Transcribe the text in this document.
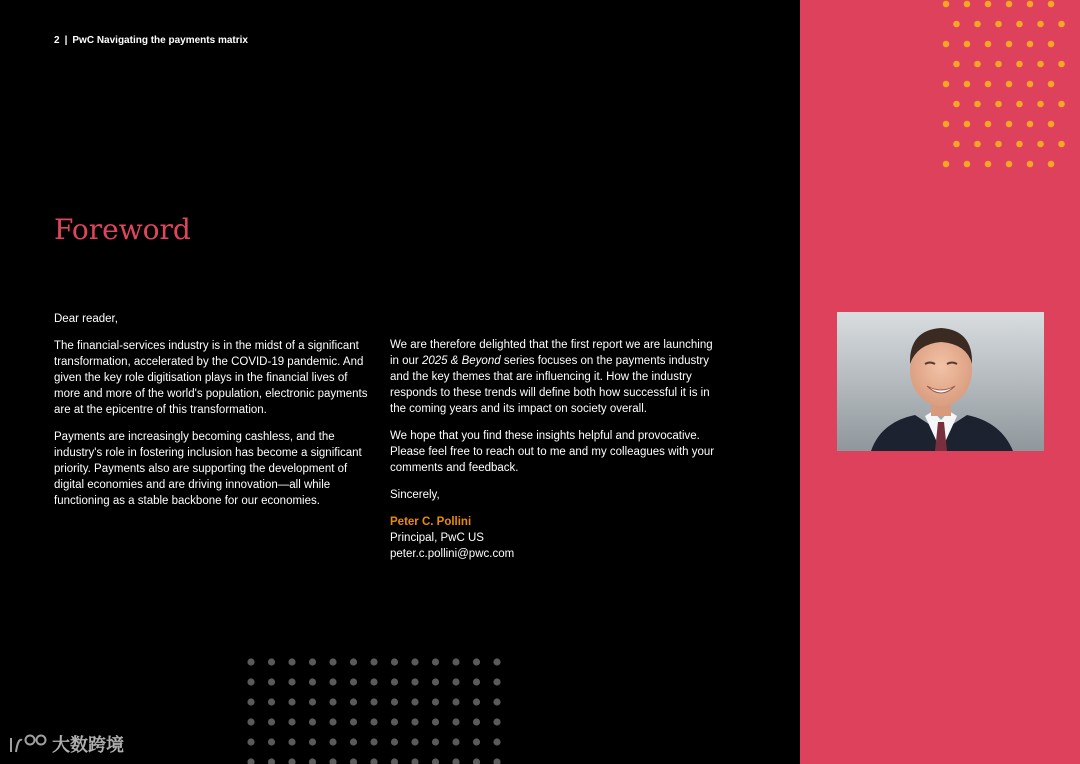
2 | PwC Navigating the payments matrix
Foreword

Dear reader,

The financial-services industry is in the midst of a significant transformation, accelerated by the COVID-19 pandemic. And given the key role digitisation plays in the financial lives of more and more of the world's population, electronic payments are at the epicentre of this transformation.

Payments are increasingly becoming cashless, and the industry's role in fostering inclusion has become a significant priority. Payments also are supporting the development of digital economies and are driving innovation—all while functioning as a stable backbone for our economies.

We are therefore delighted that the first report we are launching in our 2025 & Beyond series focuses on the payments industry and the key themes that are influencing it. How the industry responds to these trends will define both how successful it is in the coming years and its impact on society overall.

We hope that you find these insights helpful and provocative. Please feel free to reach out to me and my colleagues with your comments and feedback.

Sincerely,

Peter C. Pollini
Principal, PwC US
peter.c.pollini@pwc.com

大数跨境
